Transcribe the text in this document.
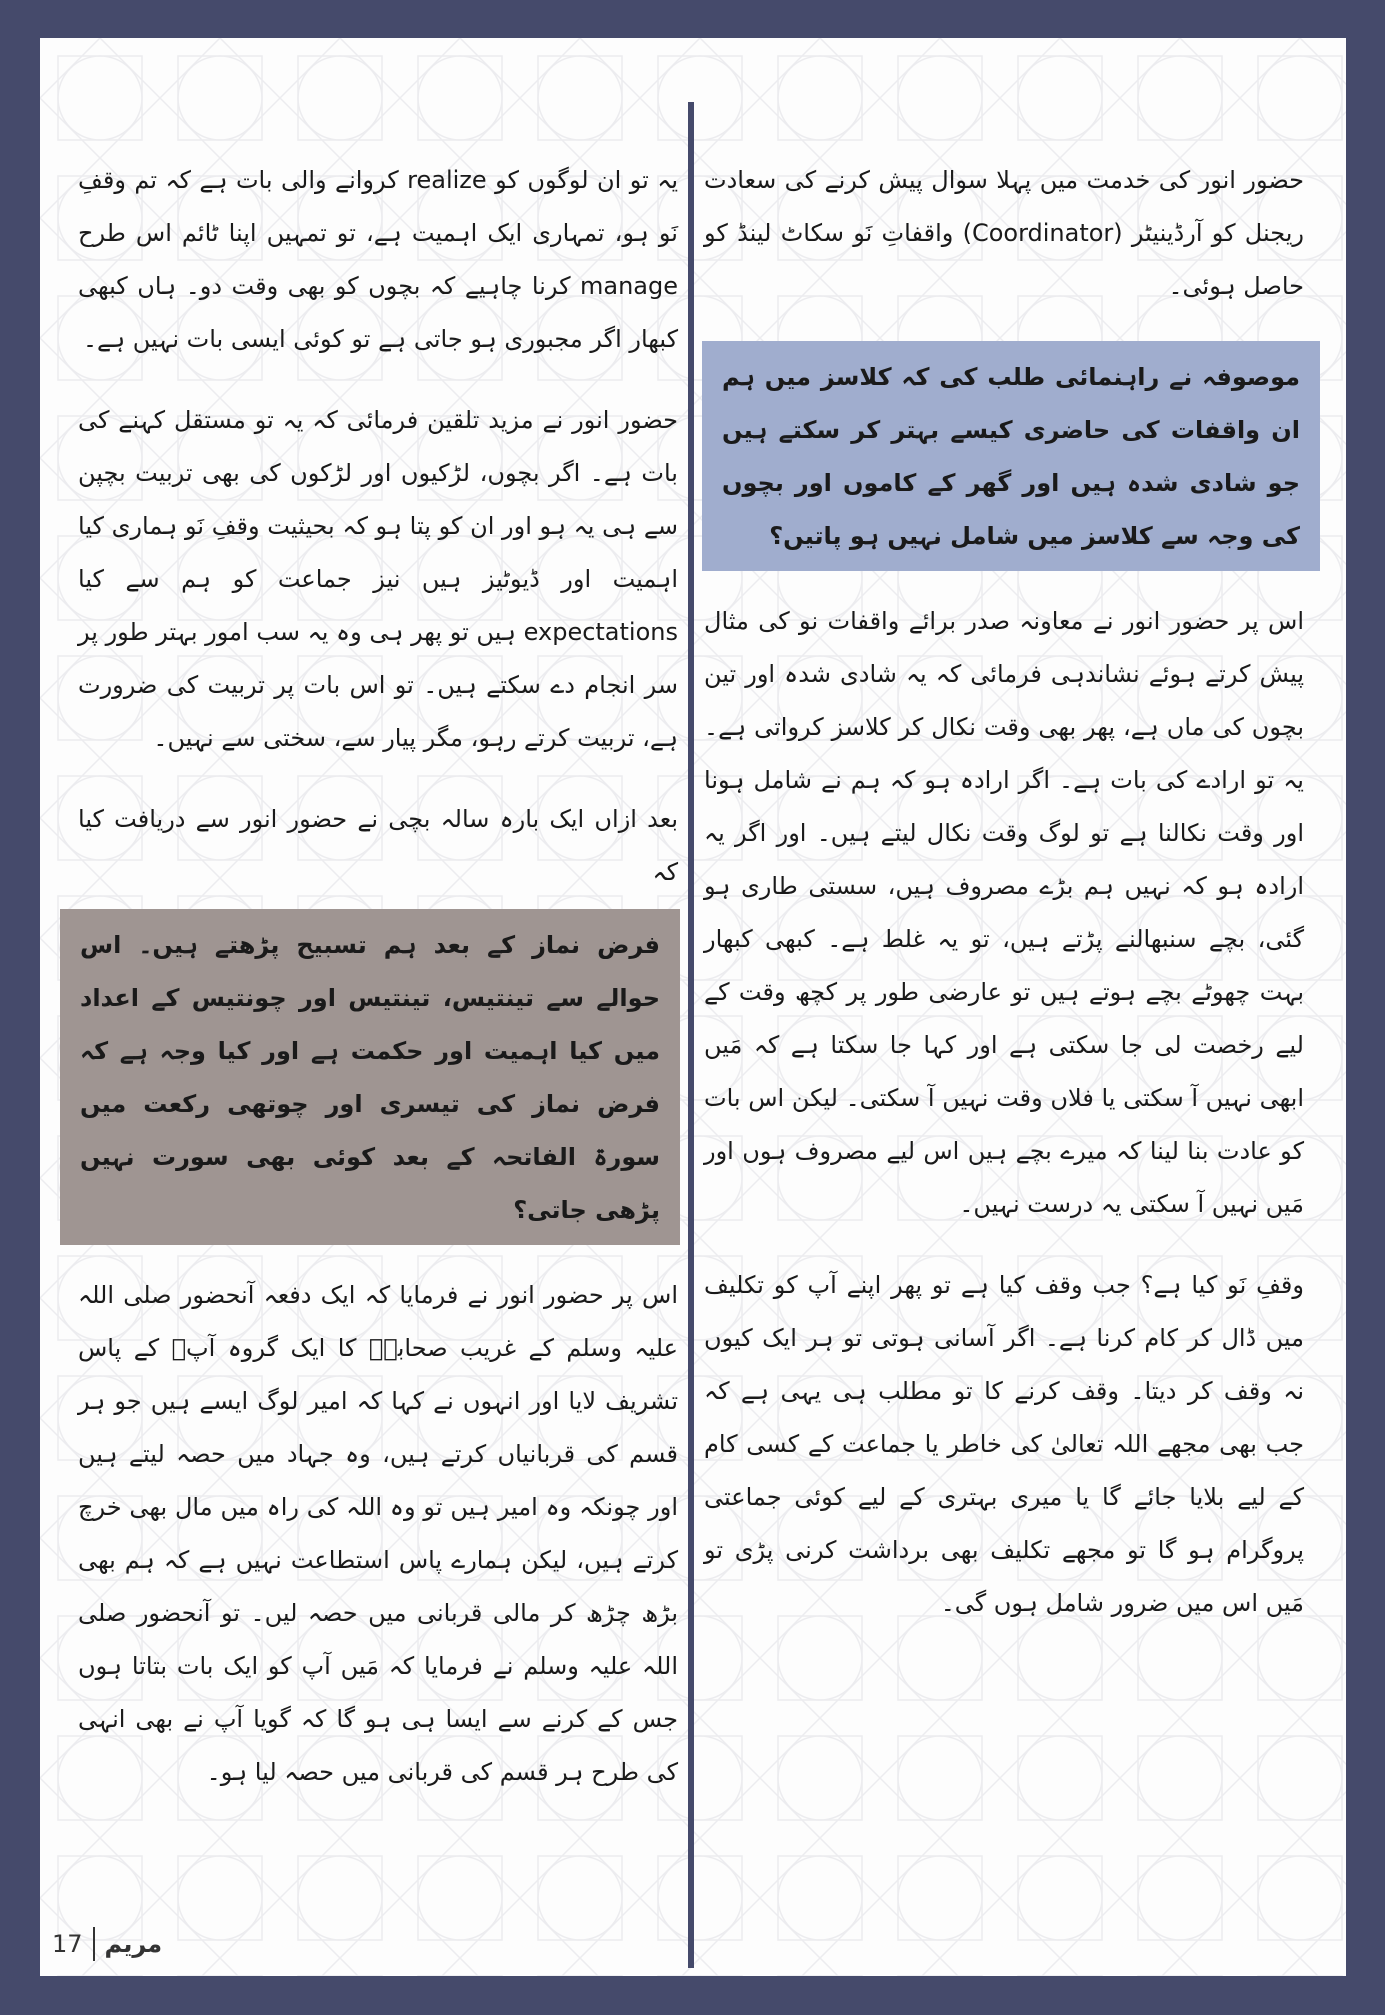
حضور انور کی خدمت میں پہلا سوال پیش کرنے کی سعادت ریجنل کو آرڈینیٹر (Coordinator) واقفاتِ نَو سکاٹ لینڈ کو حاصل ہوئی۔

موصوفہ نے راہنمائی طلب کی کہ کلاسز میں ہم ان واقفات کی حاضری کیسے بہتر کر سکتے ہیں جو شادی شدہ ہیں اور گھر کے کاموں اور بچوں کی وجہ سے کلاسز میں شامل نہیں ہو پاتیں؟

اس پر حضور انور نے معاونہ صدر برائے واقفات نو کی مثال پیش کرتے ہوئے نشاندہی فرمائی کہ یہ شادی شدہ اور تین بچوں کی ماں ہے، پھر بھی وقت نکال کر کلاسز کرواتی ہے۔ یہ تو ارادے کی بات ہے۔ اگر ارادہ ہو کہ ہم نے شامل ہونا اور وقت نکالنا ہے تو لوگ وقت نکال لیتے ہیں۔ اور اگر یہ ارادہ ہو کہ نہیں ہم بڑے مصروف ہیں، سستی طاری ہو گئی، بچے سنبھالنے پڑتے ہیں، تو یہ غلط ہے۔ کبھی کبھار بہت چھوٹے بچے ہوتے ہیں تو عارضی طور پر کچھ وقت کے لیے رخصت لی جا سکتی ہے اور کہا جا سکتا ہے کہ مَیں ابھی نہیں آ سکتی یا فلاں وقت نہیں آ سکتی۔ لیکن اس بات کو عادت بنا لینا کہ میرے بچے ہیں اس لیے مصروف ہوں اور مَیں نہیں آ سکتی یہ درست نہیں۔

وقفِ نَو کیا ہے؟ جب وقف کیا ہے تو پھر اپنے آپ کو تکلیف میں ڈال کر کام کرنا ہے۔ اگر آسانی ہوتی تو ہر ایک کیوں نہ وقف کر دیتا۔ وقف کرنے کا تو مطلب ہی یہی ہے کہ جب بھی مجھے اللہ تعالیٰ کی خاطر یا جماعت کے کسی کام کے لیے بلایا جائے گا یا میری بہتری کے لیے کوئی جماعتی پروگرام ہو گا تو مجھے تکلیف بھی برداشت کرنی پڑی تو مَیں اس میں ضرور شامل ہوں گی۔

یہ تو ان لوگوں کو realize کروانے والی بات ہے کہ تم وقفِ نَو ہو، تمہاری ایک اہمیت ہے، تو تمہیں اپنا ٹائم اس طرح manage کرنا چاہیے کہ بچوں کو بھی وقت دو۔ ہاں کبھی کبھار اگر مجبوری ہو جاتی ہے تو کوئی ایسی بات نہیں ہے۔

حضور انور نے مزید تلقین فرمائی کہ یہ تو مستقل کہنے کی بات ہے۔ اگر بچوں، لڑکیوں اور لڑکوں کی بھی تربیت بچپن سے ہی یہ ہو اور ان کو پتا ہو کہ بحیثیت وقفِ نَو ہماری کیا اہمیت اور ڈیوٹیز ہیں نیز جماعت کو ہم سے کیا expectations ہیں تو پھر ہی وہ یہ سب امور بہتر طور پر سر انجام دے سکتے ہیں۔ تو اس بات پر تربیت کی ضرورت ہے، تربیت کرتے رہو، مگر پیار سے، سختی سے نہیں۔

بعد ازاں ایک بارہ سالہ بچی نے حضور انور سے دریافت کیا کہ

فرض نماز کے بعد ہم تسبیح پڑھتے ہیں۔ اس حوالے سے تینتیس، تینتیس اور چونتیس کے اعداد میں کیا اہمیت اور حکمت ہے اور کیا وجہ ہے کہ فرض نماز کی تیسری اور چوتھی رکعت میں سورۃ الفاتحہ کے بعد کوئی بھی سورت نہیں پڑھی جاتی؟

اس پر حضور انور نے فرمایا کہ ایک دفعہ آنحضور صلی اللہ علیہ وسلم کے غریب صحابہؓ کا ایک گروہ آپؐ کے پاس تشریف لایا اور انہوں نے کہا کہ امیر لوگ ایسے ہیں جو ہر قسم کی قربانیاں کرتے ہیں، وہ جہاد میں حصہ لیتے ہیں اور چونکہ وہ امیر ہیں تو وہ اللہ کی راہ میں مال بھی خرچ کرتے ہیں، لیکن ہمارے پاس استطاعت نہیں ہے کہ ہم بھی بڑھ چڑھ کر مالی قربانی میں حصہ لیں۔ تو آنحضور صلی اللہ علیہ وسلم نے فرمایا کہ مَیں آپ کو ایک بات بتاتا ہوں جس کے کرنے سے ایسا ہی ہو گا کہ گویا آپ نے بھی انہی کی طرح ہر قسم کی قربانی میں حصہ لیا ہو۔

17 مریم
